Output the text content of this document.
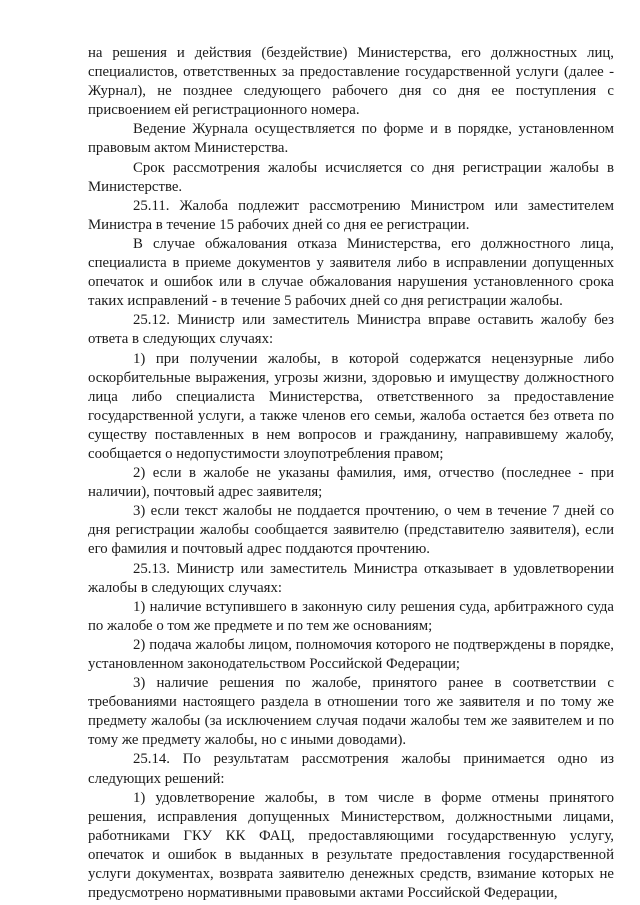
на решения и действия (бездействие) Министерства, его должностных лиц, специалистов, ответственных за предоставление государственной услуги (далее - Журнал), не позднее следующего рабочего дня со дня ее поступления с присвоением ей регистрационного номера.

Ведение Журнала осуществляется по форме и в порядке, установленном правовым актом Министерства.

Срок рассмотрения жалобы исчисляется со дня регистрации жалобы в Министерстве.

25.11. Жалоба подлежит рассмотрению Министром или заместителем Министра в течение 15 рабочих дней со дня ее регистрации.

В случае обжалования отказа Министерства, его должностного лица, специалиста в приеме документов у заявителя либо в исправлении допущенных опечаток и ошибок или в случае обжалования нарушения установленного срока таких исправлений - в течение 5 рабочих дней со дня регистрации жалобы.

25.12. Министр или заместитель Министра вправе оставить жалобу без ответа в следующих случаях:

1) при получении жалобы, в которой содержатся нецензурные либо оскорбительные выражения, угрозы жизни, здоровью и имуществу должностного лица либо специалиста Министерства, ответственного за предоставление государственной услуги, а также членов его семьи, жалоба остается без ответа по существу поставленных в нем вопросов и гражданину, направившему жалобу, сообщается о недопустимости злоупотребления правом;

2) если в жалобе не указаны фамилия, имя, отчество (последнее - при наличии), почтовый адрес заявителя;

3) если текст жалобы не поддается прочтению, о чем в течение 7 дней со дня регистрации жалобы сообщается заявителю (представителю заявителя), если его фамилия и почтовый адрес поддаются прочтению.

25.13. Министр или заместитель Министра отказывает в удовлетворении жалобы в следующих случаях:

1) наличие вступившего в законную силу решения суда, арбитражного суда по жалобе о том же предмете и по тем же основаниям;

2) подача жалобы лицом, полномочия которого не подтверждены в порядке, установленном законодательством Российской Федерации;

3) наличие решения по жалобе, принятого ранее в соответствии с требованиями настоящего раздела в отношении того же заявителя и по тому же предмету жалобы (за исключением случая подачи жалобы тем же заявителем и по тому же предмету жалобы, но с иными доводами).

25.14. По результатам рассмотрения жалобы принимается одно из следующих решений:

1) удовлетворение жалобы, в том числе в форме отмены принятого решения, исправления допущенных Министерством, должностными лицами, работниками ГКУ КК ФАЦ, предоставляющими государственную услугу, опечаток и ошибок в выданных в результате предоставления государственной услуги документах, возврата заявителю денежных средств, взимание которых не предусмотрено нормативными правовыми актами Российской Федерации,
